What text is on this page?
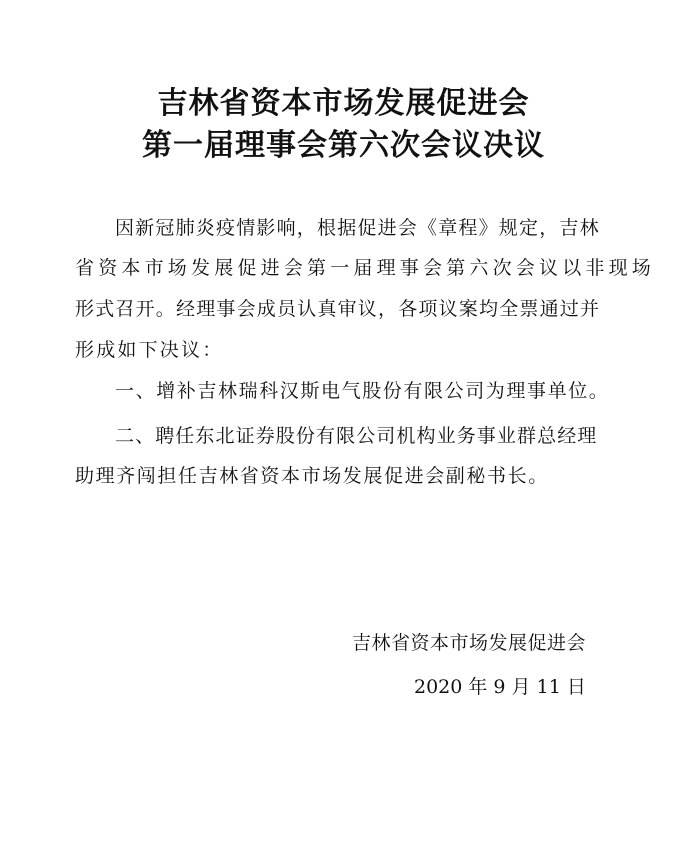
吉林省资本市场发展促进会
第一届理事会第六次会议决议

因新冠肺炎疫情影响，根据促进会《章程》规定，吉林

省资本市场发展促进会第一届理事会第六次会议以非现场

形式召开。经理事会成员认真审议，各项议案均全票通过并

形成如下决议：

一、增补吉林瑞科汉斯电气股份有限公司为理事单位。

二、聘任东北证券股份有限公司机构业务事业群总经理

助理齐闯担任吉林省资本市场发展促进会副秘书长。

吉林省资本市场发展促进会
2020 年 9 月 11 日
